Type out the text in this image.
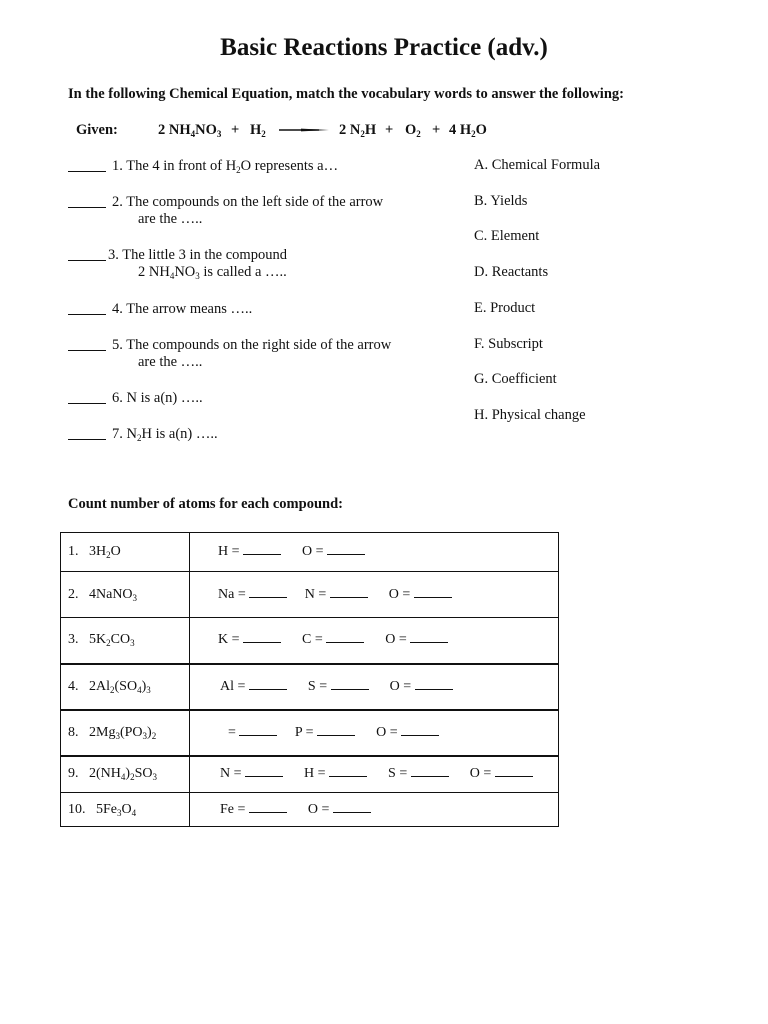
Basic Reactions Practice (adv.)
In the following Chemical Equation, match the vocabulary words to answer the following:
Given:	2 $NH_4NO_3 + H_2 \to 2$ $N_2H + O_2 + 4$ $H_2O$
1. The 4 in front of $H_2O$ represents a…
2. The compounds on the left side of the arrow
are the …..
3. The little 3 in the compound
2 $NH_4NO_3$ is called a …..
4. The arrow means …..
5. The compounds on the right side of the arrow
are the …..
6. N is a(n) …..
7. $N_2H$ is a(n) …..
A. Chemical Formula
B. Yields
C. Element
D. Reactants
E. Product
F. Subscript
G. Coefficient
H. Physical change
Count number of atoms for each compound:
1. $3H_2O$	H =	O =
2. 4NaNO$_3$	Na =	N =	O =
3. $5K_2CO_3$	K =	C =	O =
4. $2Al_2(SO_4)_3$	Al =	S =	O =
8. $2Mg_3(PO_3)_2$	=	P =	O =
9. $2(NH_4)_2SO_3$	N =	H =	S =	O =
10. $5Fe_3O_4$	Fe =	O =
